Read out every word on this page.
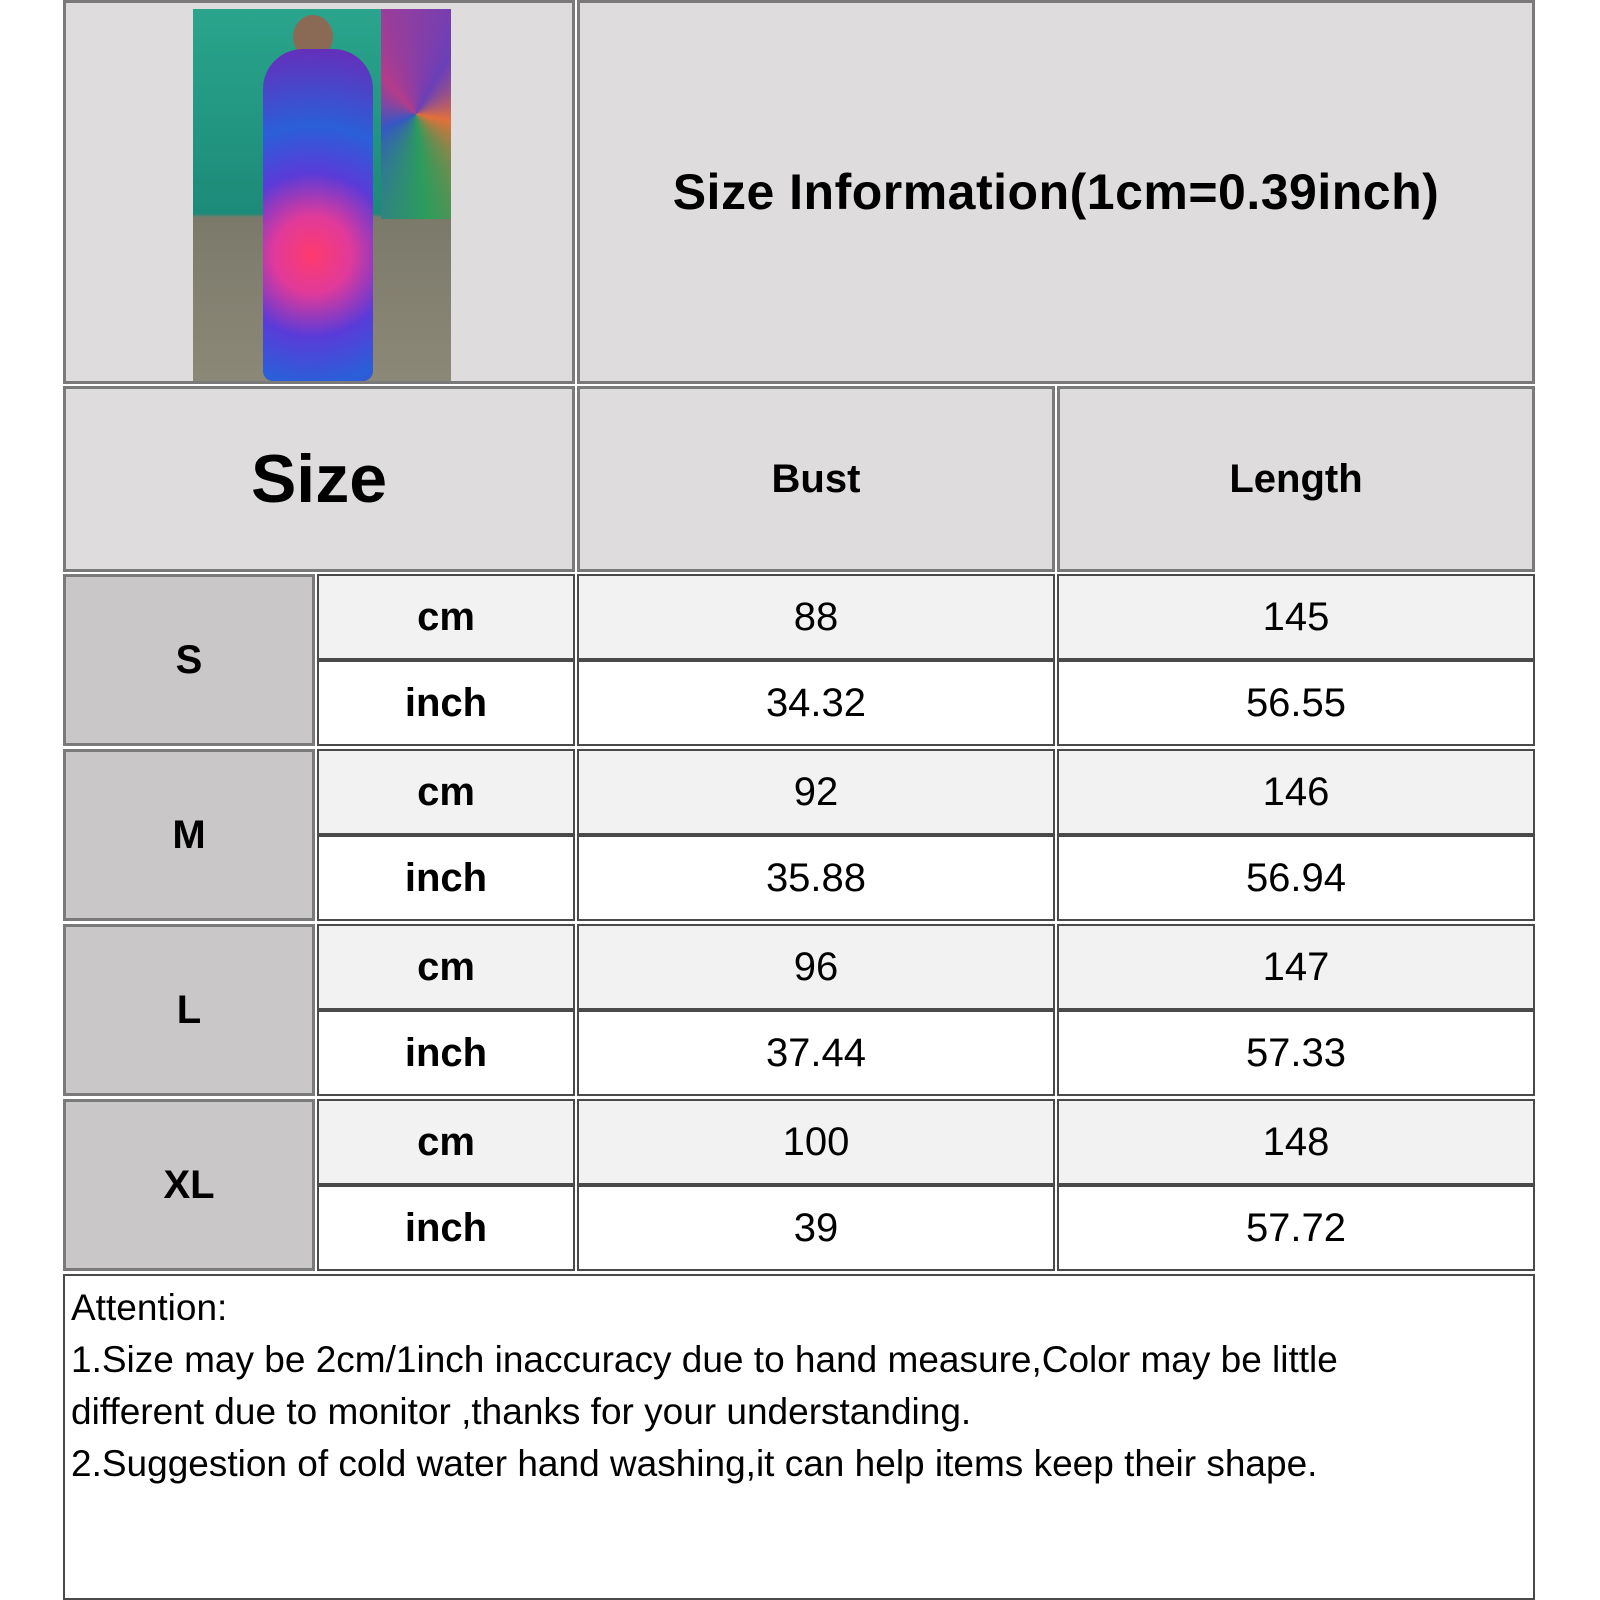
Size Information(1cm=0.39inch)
Size	Bust	Length
S
cm	88	145
inch	34.32	56.55
M
cm	92	146
inch	35.88	56.94
L
cm	96	147
inch	37.44	57.33
XL
cm	100	148
inch	39	57.72

Attention:

1.Size may be 2cm/1inch inaccuracy due to hand measure,Color may be little

different due to monitor ,thanks for your understanding.

2.Suggestion of cold water hand washing,it can help items keep their shape.
